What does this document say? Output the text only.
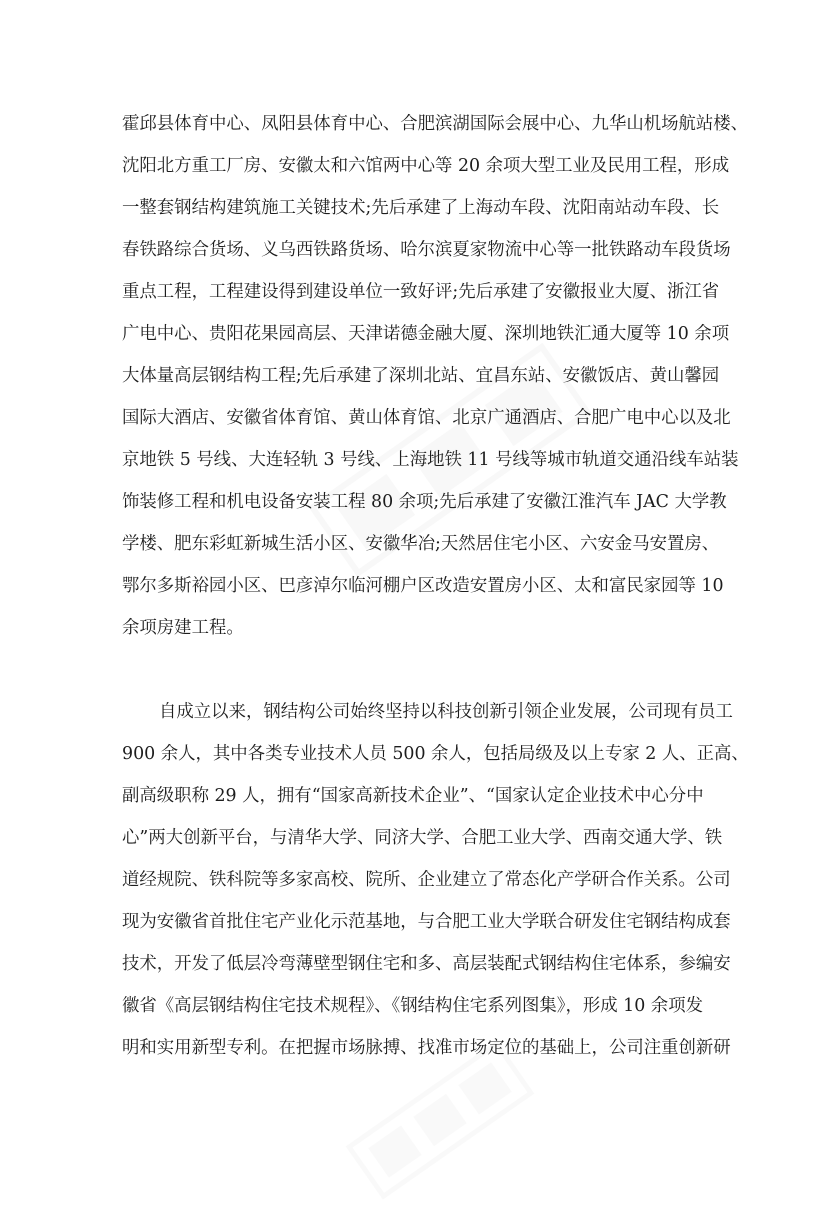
霍邱县体育中心、凤阳县体育中心、合肥滨湖国际会展中心、九华山机场航站楼、
沈阳北方重工厂房、安徽太和六馆两中心等 20 余项大型工业及民用工程，形成
一整套钢结构建筑施工关键技术;先后承建了上海动车段、沈阳南站动车段、长
春铁路综合货场、义乌西铁路货场、哈尔滨夏家物流中心等一批铁路动车段货场
重点工程，工程建设得到建设单位一致好评;先后承建了安徽报业大厦、浙江省
广电中心、贵阳花果园高层、天津诺德金融大厦、深圳地铁汇通大厦等 10 余项
大体量高层钢结构工程;先后承建了深圳北站、宜昌东站、安徽饭店、黄山馨园
国际大酒店、安徽省体育馆、黄山体育馆、北京广通酒店、合肥广电中心以及北
京地铁 5 号线、大连轻轨 3 号线、上海地铁 11 号线等城市轨道交通沿线车站装
饰装修工程和机电设备安装工程 80 余项;先后承建了安徽江淮汽车 JAC 大学教
学楼、肥东彩虹新城生活小区、安徽华冶;天然居住宅小区、六安金马安置房、
鄂尔多斯裕园小区、巴彦淖尔临河棚户区改造安置房小区、太和富民家园等 10
余项房建工程。
自成立以来，钢结构公司始终坚持以科技创新引领企业发展，公司现有员工
900 余人，其中各类专业技术人员 500 余人，包括局级及以上专家 2 人、正高、
副高级职称 29 人，拥有“国家高新技术企业”、“国家认定企业技术中心分中
心”两大创新平台，与清华大学、同济大学、合肥工业大学、西南交通大学、铁
道经规院、铁科院等多家高校、院所、企业建立了常态化产学研合作关系。公司
现为安徽省首批住宅产业化示范基地，与合肥工业大学联合研发住宅钢结构成套
技术，开发了低层冷弯薄壁型钢住宅和多、高层装配式钢结构住宅体系，参编安
徽省《高层钢结构住宅技术规程》、《钢结构住宅系列图集》，形成 10 余项发
明和实用新型专利。在把握市场脉搏、找准市场定位的基础上，公司注重创新研
